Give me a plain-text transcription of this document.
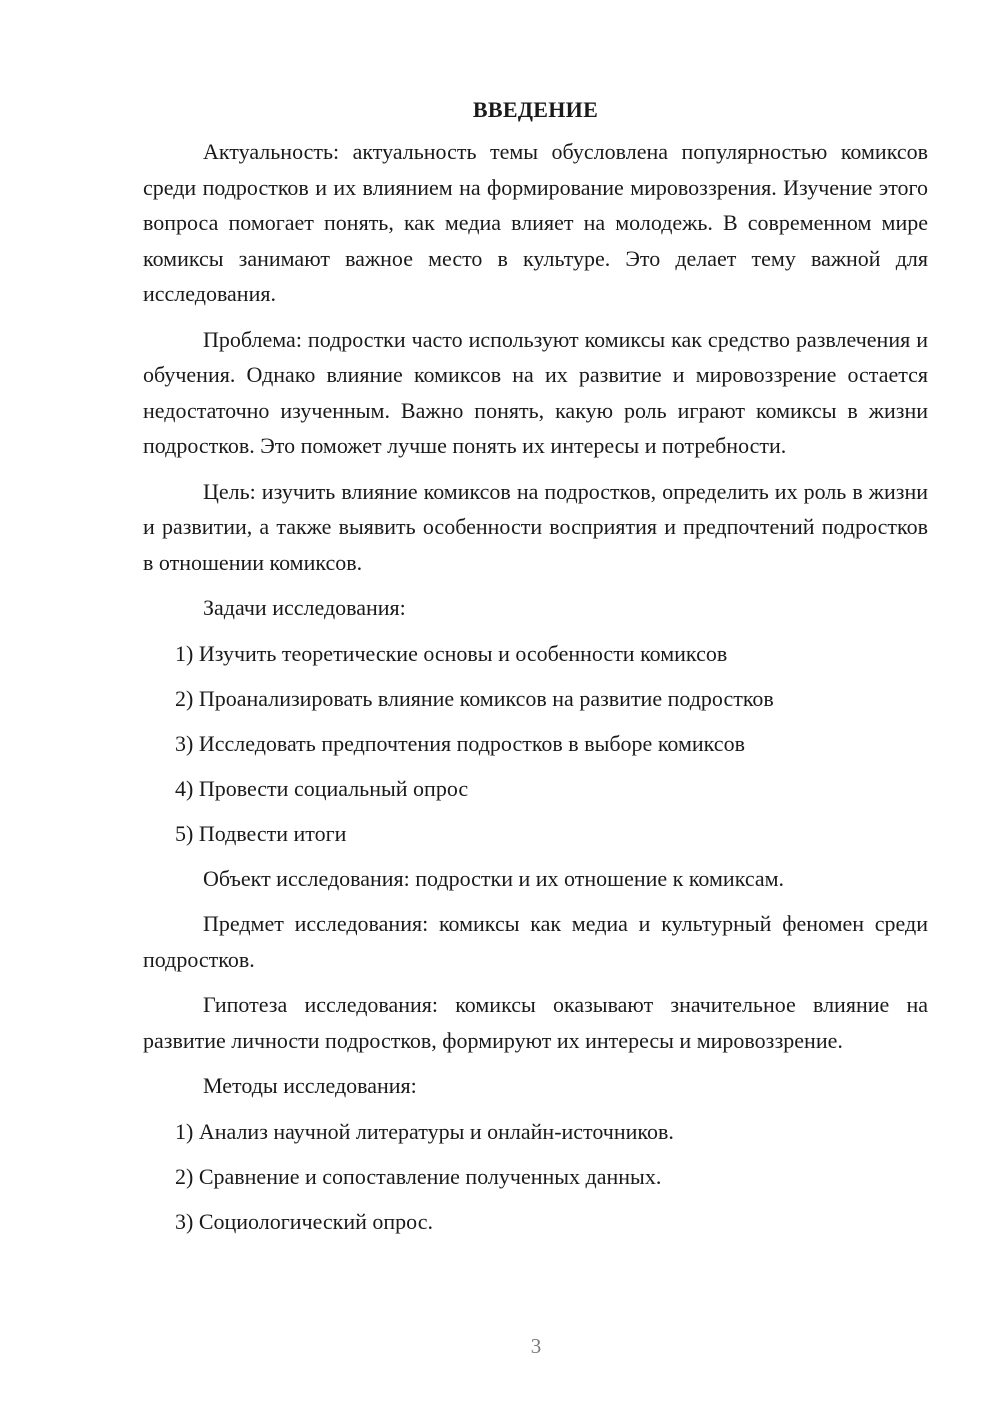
ВВЕДЕНИЕ

Актуальность: актуальность темы обусловлена популярностью комиксов среди подростков и их влиянием на формирование мировоззрения. Изучение этого вопроса помогает понять, как медиа влияет на молодежь. В современном мире комиксы занимают важное место в культуре. Это делает тему важной для исследования.

Проблема: подростки часто используют комиксы как средство развлечения и обучения. Однако влияние комиксов на их развитие и мировоззрение остается недостаточно изученным. Важно понять, какую роль играют комиксы в жизни подростков. Это поможет лучше понять их интересы и потребности.

Цель: изучить влияние комиксов на подростков, определить их роль в жизни и развитии, а также выявить особенности восприятия и предпочтений подростков в отношении комиксов.

Задачи исследования:

1) Изучить теоретические основы и особенности комиксов
2) Проанализировать влияние комиксов на развитие подростков
3) Исследовать предпочтения подростков в выборе комиксов
4) Провести социальный опрос
5) Подвести итоги

Объект исследования: подростки и их отношение к комиксам.

Предмет исследования: комиксы как медиа и культурный феномен среди подростков.

Гипотеза исследования: комиксы оказывают значительное влияние на развитие личности подростков, формируют их интересы и мировоззрение.

Методы исследования:

1) Анализ научной литературы и онлайн-источников.
2) Сравнение и сопоставление полученных данных.
3) Социологический опрос.
3
